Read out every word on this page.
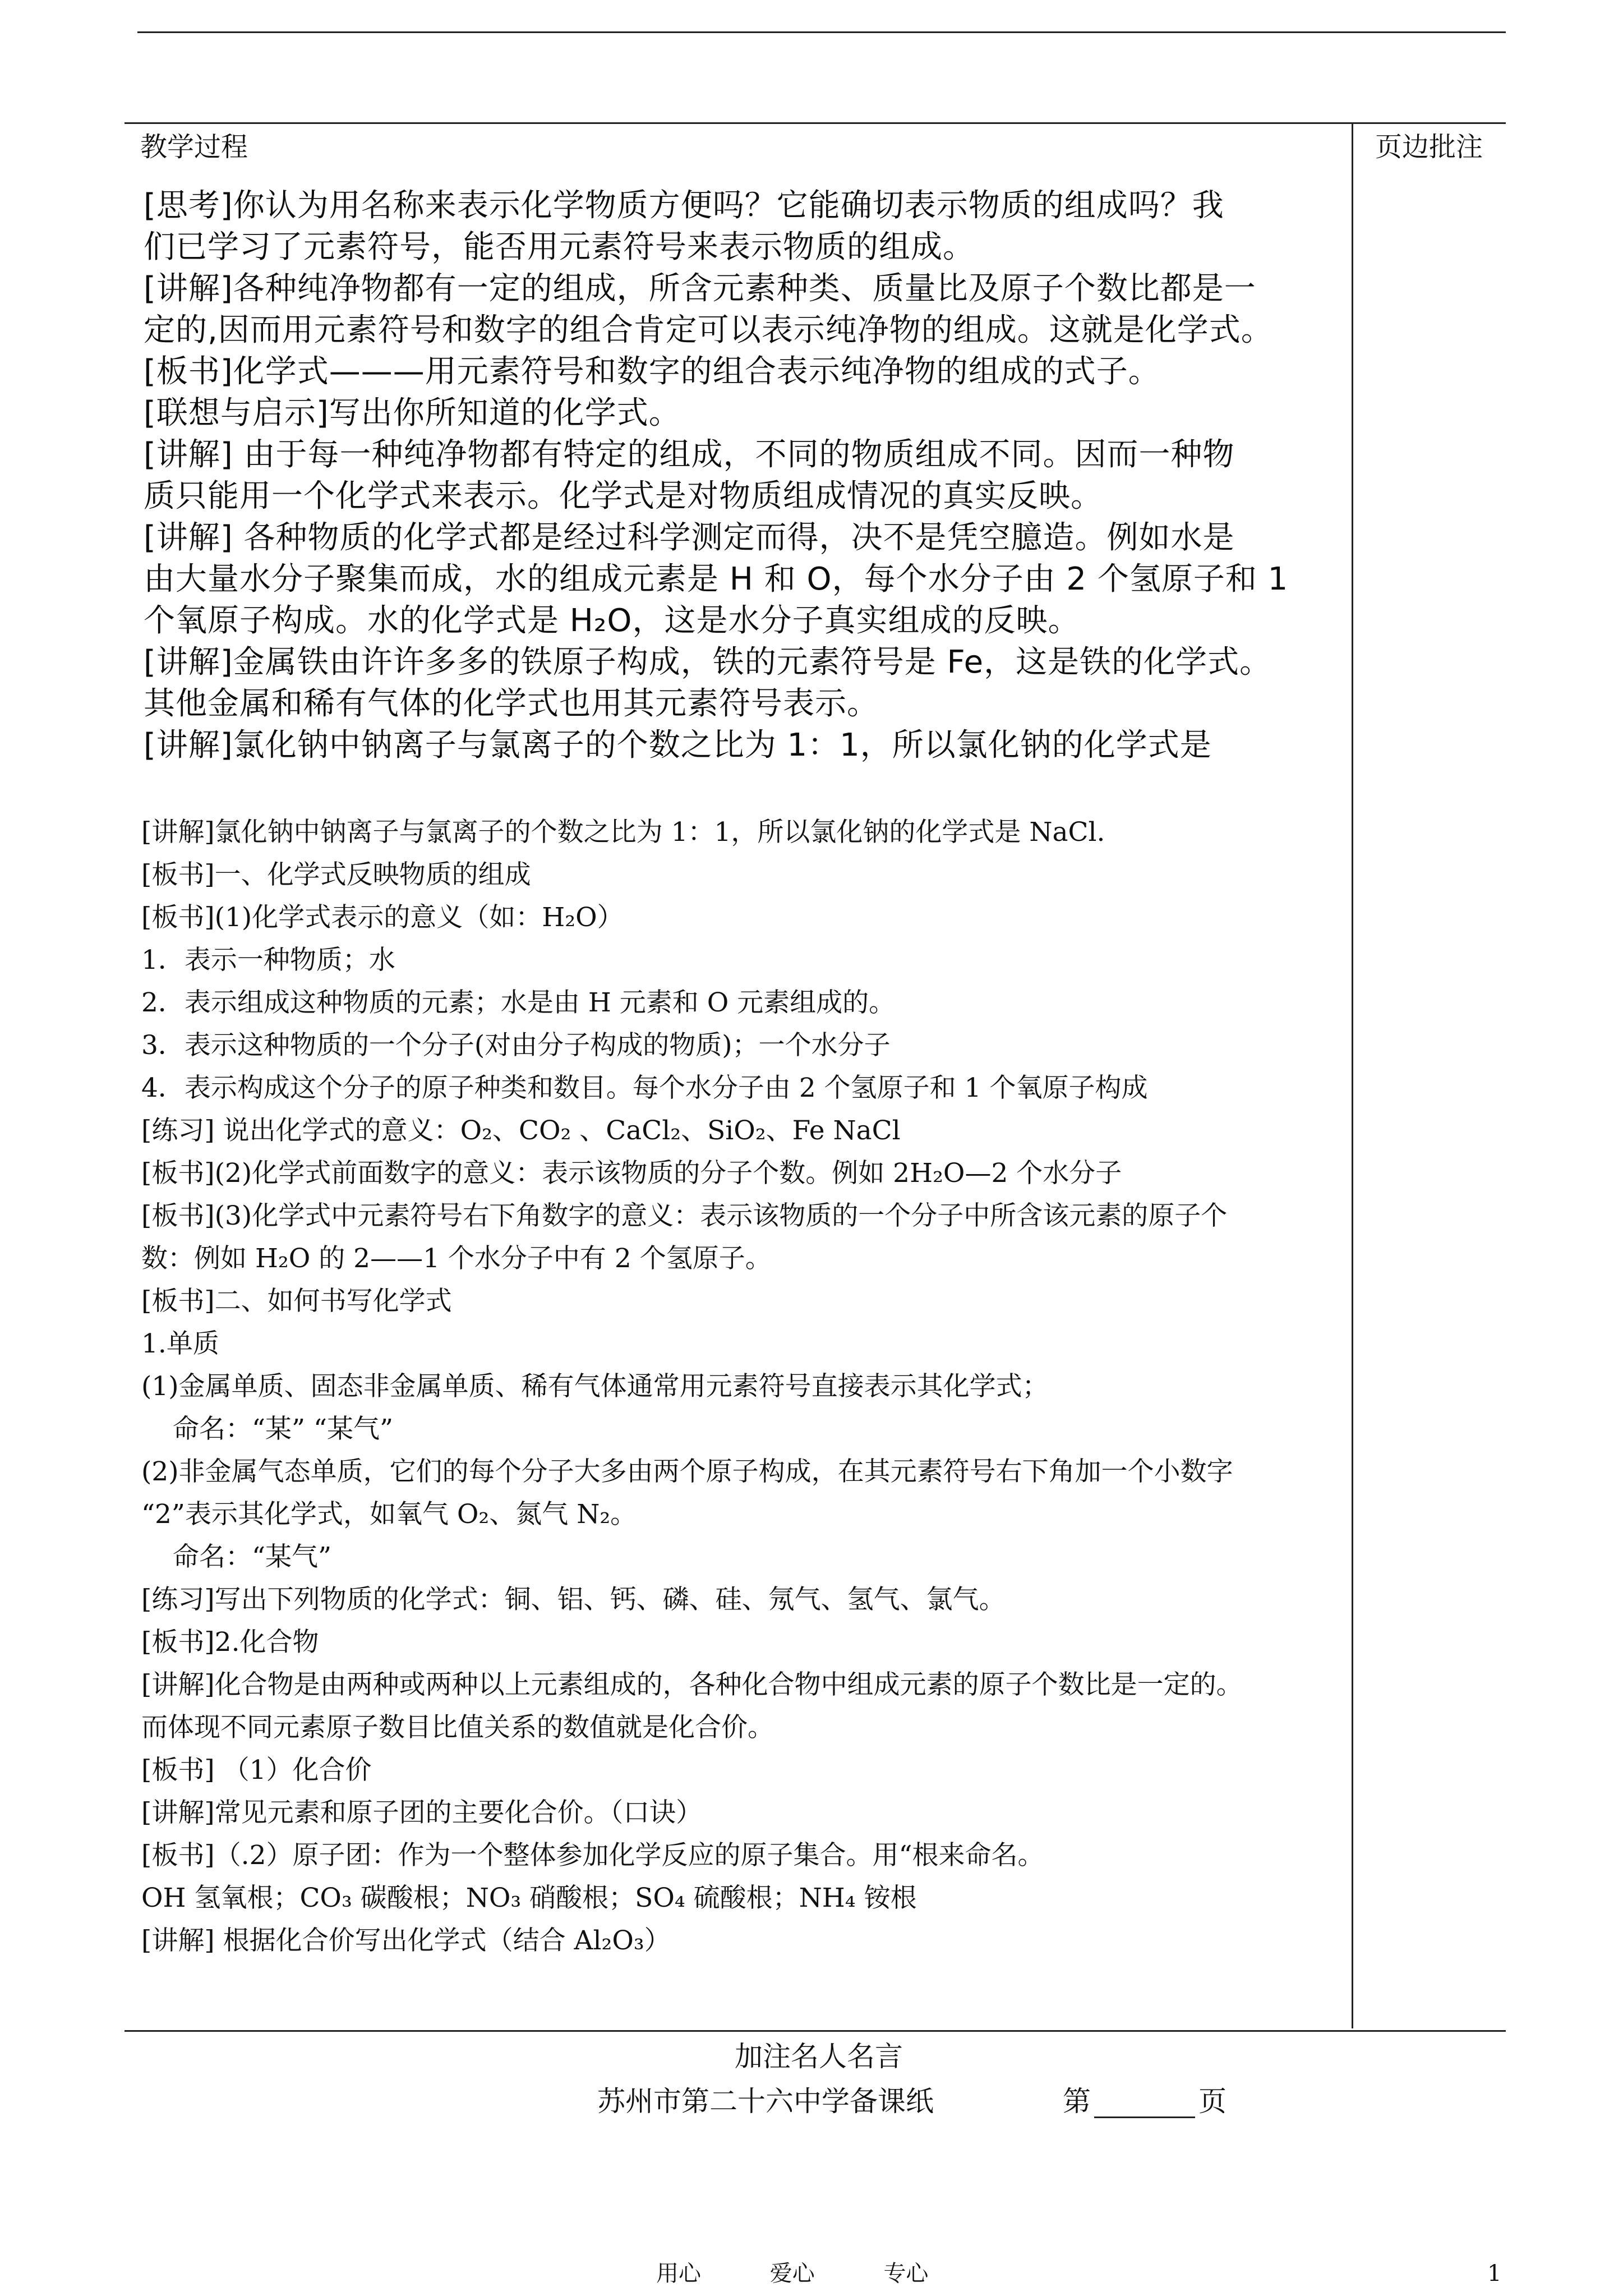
教学过程	页边批注
[思考]你认为用名称来表示化学物质方便吗？它能确切表示物质的组成吗？我
们已学习了元素符号，能否用元素符号来表示物质的组成。
[讲解]各种纯净物都有一定的组成，所含元素种类、质量比及原子个数比都是一
定的,因而用元素符号和数字的组合肯定可以表示纯净物的组成。这就是化学式。
[板书]化学式———用元素符号和数字的组合表示纯净物的组成的式子。
[联想与启示]写出你所知道的化学式。
[讲解] 由于每一种纯净物都有特定的组成，不同的物质组成不同。因而一种物
质只能用一个化学式来表示。化学式是对物质组成情况的真实反映。
[讲解] 各种物质的化学式都是经过科学测定而得，决不是凭空臆造。例如水是
由大量水分子聚集而成，水的组成元素是 H 和 O，每个水分子由 2 个氢原子和 1
个氧原子构成。水的化学式是 H₂O，这是水分子真实组成的反映。
[讲解]金属铁由许许多多的铁原子构成，铁的元素符号是 Fe，这是铁的化学式。
其他金属和稀有气体的化学式也用其元素符号表示。
[讲解]氯化钠中钠离子与氯离子的个数之比为 1：1，所以氯化钠的化学式是
[讲解]氯化钠中钠离子与氯离子的个数之比为 1：1，所以氯化钠的化学式是 NaCl.
[板书]一、化学式反映物质的组成
[板书](1)化学式表示的意义（如：H₂O）
1．表示一种物质；水
2．表示组成这种物质的元素；水是由 H 元素和 O 元素组成的。
3．表示这种物质的一个分子(对由分子构成的物质)；一个水分子
4．表示构成这个分子的原子种类和数目。每个水分子由 2 个氢原子和 1 个氧原子构成
[练习] 说出化学式的意义：O₂、CO₂ 、CaCl₂、SiO₂、Fe NaCl
[板书](2)化学式前面数字的意义：表示该物质的分子个数。例如 2H₂O—2 个水分子
[板书](3)化学式中元素符号右下角数字的意义：表示该物质的一个分子中所含该元素的原子个
数：例如 H₂O 的 2——1 个水分子中有 2 个氢原子。
[板书]二、如何书写化学式
1.单质
(1)金属单质、固态非金属单质、稀有气体通常用元素符号直接表示其化学式；
命名：“某” “某气”
(2)非金属气态单质，它们的每个分子大多由两个原子构成，在其元素符号右下角加一个小数字
“2”表示其化学式，如氧气 O₂、氮气 N₂。
命名：“某气”
[练习]写出下列物质的化学式：铜、铝、钙、磷、硅、氖气、氢气、氯气。
[板书]2.化合物
[讲解]化合物是由两种或两种以上元素组成的，各种化合物中组成元素的原子个数比是一定的。
而体现不同元素原子数目比值关系的数值就是化合价。
[板书] （1）化合价
[讲解]常见元素和原子团的主要化合价。（口诀）
[板书]（.2）原子团：作为一个整体参加化学反应的原子集合。用“根来命名。
OH 氢氧根；CO₃ 碳酸根；NO₃ 硝酸根；SO₄ 硫酸根；NH₄ 铵根
[讲解] 根据化合价写出化学式（结合 Al₂O₃）
加注名人名言
苏州市第二十六中学备课纸	第	页
用心	爱心	专心	1
